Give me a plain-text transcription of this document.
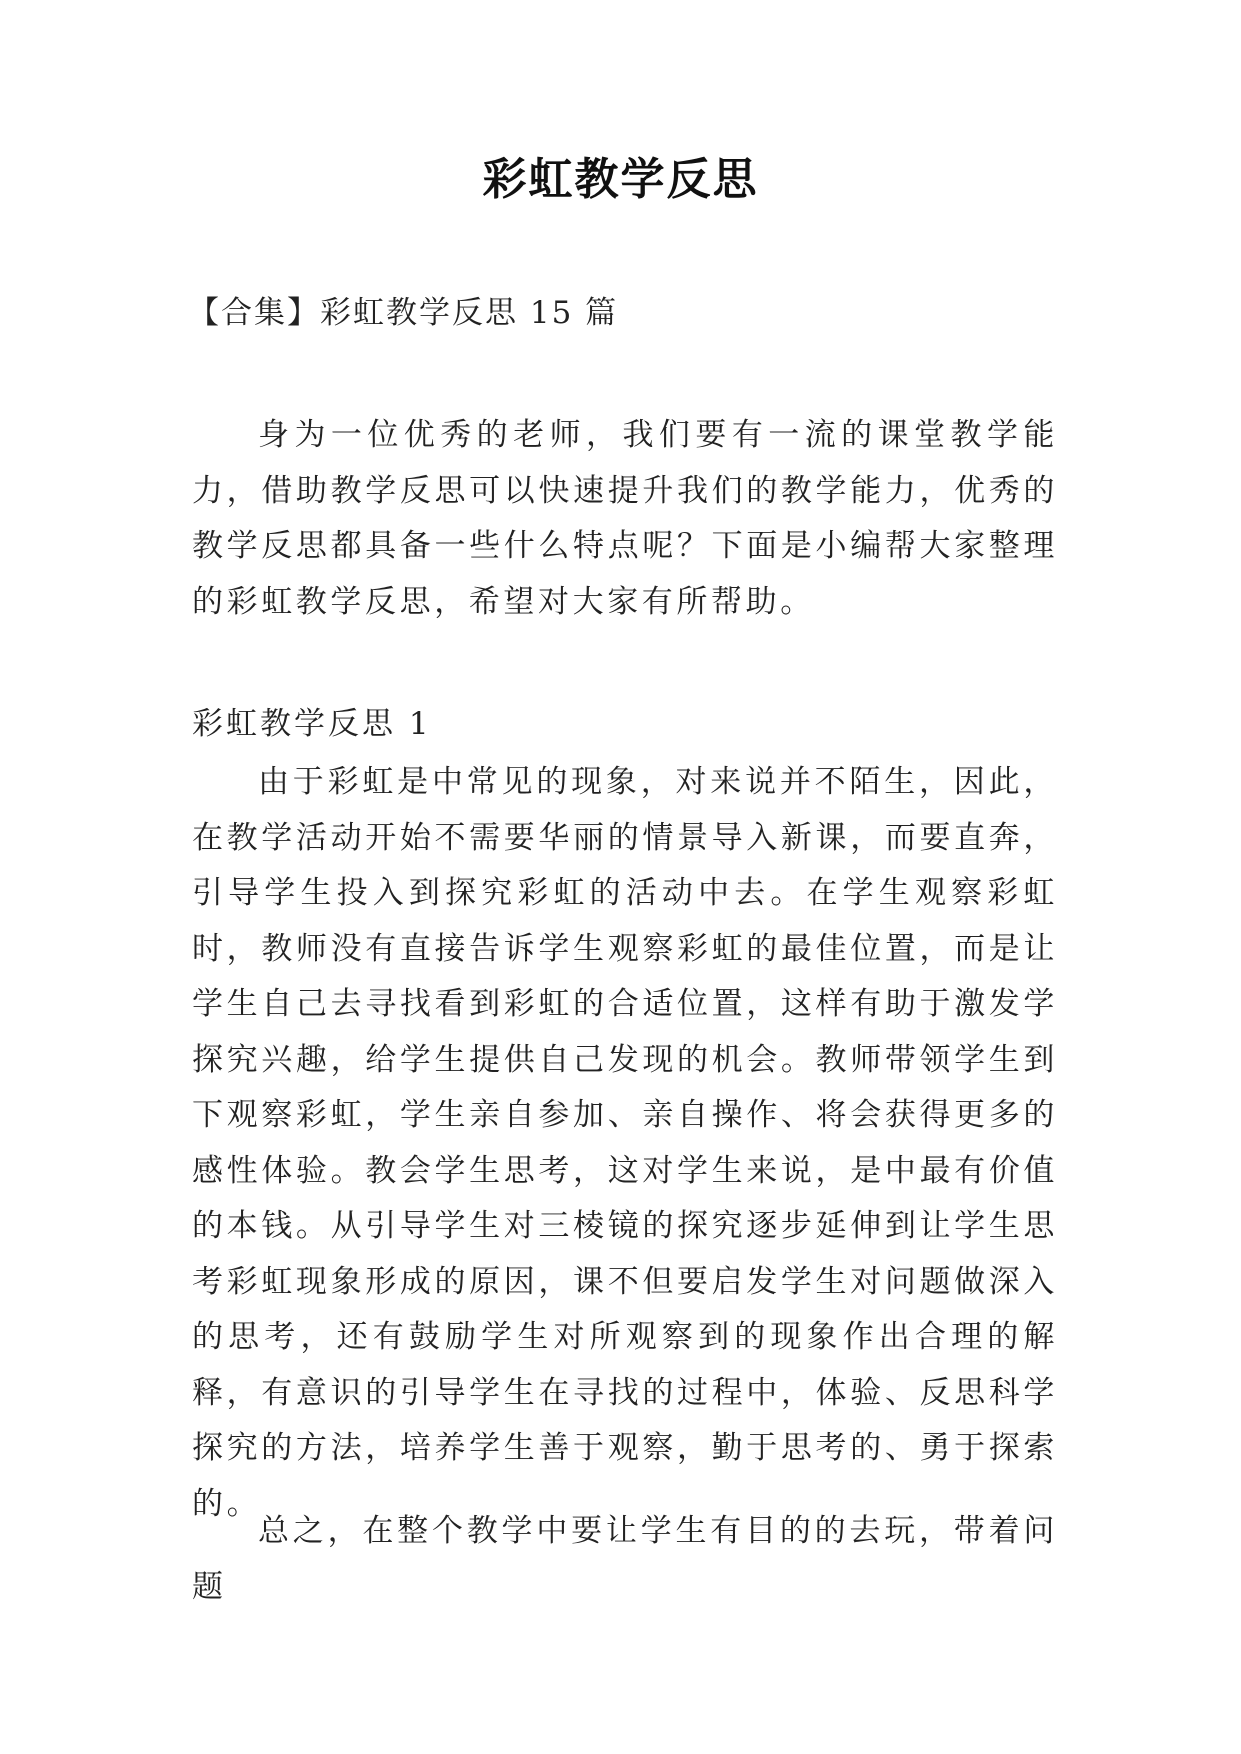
彩虹教学反思
【合集】彩虹教学反思 15 篇

身为一位优秀的老师，我们要有一流的课堂教学能力，借助教学反思可以快速提升我们的教学能力，优秀的教学反思都具备一些什么特点呢？下面是小编帮大家整理的彩虹教学反思，希望对大家有所帮助。

彩虹教学反思 1

由于彩虹是中常见的现象，对来说并不陌生，因此，在教学活动开始不需要华丽的情景导入新课，而要直奔，引导学生投入到探究彩虹的活动中去。在学生观察彩虹时，教师没有直接告诉学生观察彩虹的最佳位置，而是让学生自己去寻找看到彩虹的合适位置，这样有助于激发学探究兴趣，给学生提供自己发现的机会。教师带领学生到下观察彩虹，学生亲自参加、亲自操作、将会获得更多的感性体验。教会学生思考，这对学生来说，是中最有价值的本钱。从引导学生对三棱镜的探究逐步延伸到让学生思考彩虹现象形成的原因，课不但要启发学生对问题做深入的思考，还有鼓励学生对所观察到的现象作出合理的解释，有意识的引导学生在寻找的过程中，体验、反思科学探究的方法，培养学生善于观察，勤于思考的、勇于探索的。

总之，在整个教学中要让学生有目的的去玩，带着问题
